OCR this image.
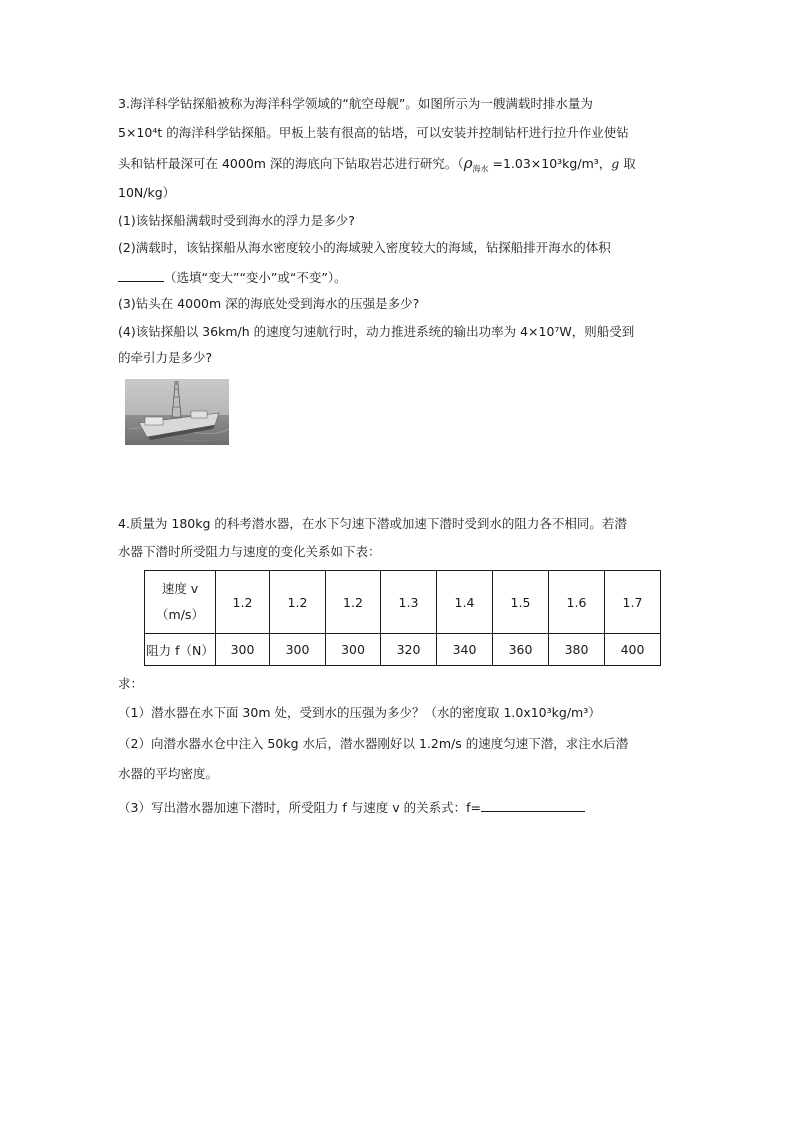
3.海洋科学钻探船被称为海洋科学领域的“航空母舰”。如图所示为一艘满载时排水量为
5×10⁴t 的海洋科学钻探船。甲板上装有很高的钻塔，可以安装并控制钻杆进行拉升作业使钻
头和钻杆最深可在 4000m 深的海底向下钻取岩芯进行研究。（$\rho_{海水} =1.03\times 10^3kg/m^3$，g 取
10N/kg）
(1)该钻探船满载时受到海水的浮力是多少?
(2)满载时，该钻探船从海水密度较小的海域驶入密度较大的海域，钻探船排开海水的体积
（选填“变大”“变小”或“不变”）。
(3)钻头在 4000m 深的海底处受到海水的压强是多少?
(4)该钻探船以 36km/h 的速度匀速航行时，动力推进系统的输出功率为 4×10⁷W，则船受到
的牵引力是多少?
4.质量为 180kg 的科考潜水器，在水下匀速下潜或加速下潜时受到水的阻力各不相同。若潜
水器下潜时所受阻力与速度的变化关系如下表：
速度 v
（m/s）	1.2	1.2	1.2	1.3	1.4	1.5	1.6	1.7
阻力 f（N）	300	300	300	320	340	360	380	400
求：
（1）潜水器在水下面 30m 处，受到水的压强为多少？（水的密度取 1.0x10³kg/m³）
（2）向潜水器水仓中注入 50kg 水后，潜水器刚好以 1.2m/s 的速度匀速下潜，求注水后潜
水器的平均密度。
（3）写出潜水器加速下潜时，所受阻力 f 与速度 v 的关系式：f=
